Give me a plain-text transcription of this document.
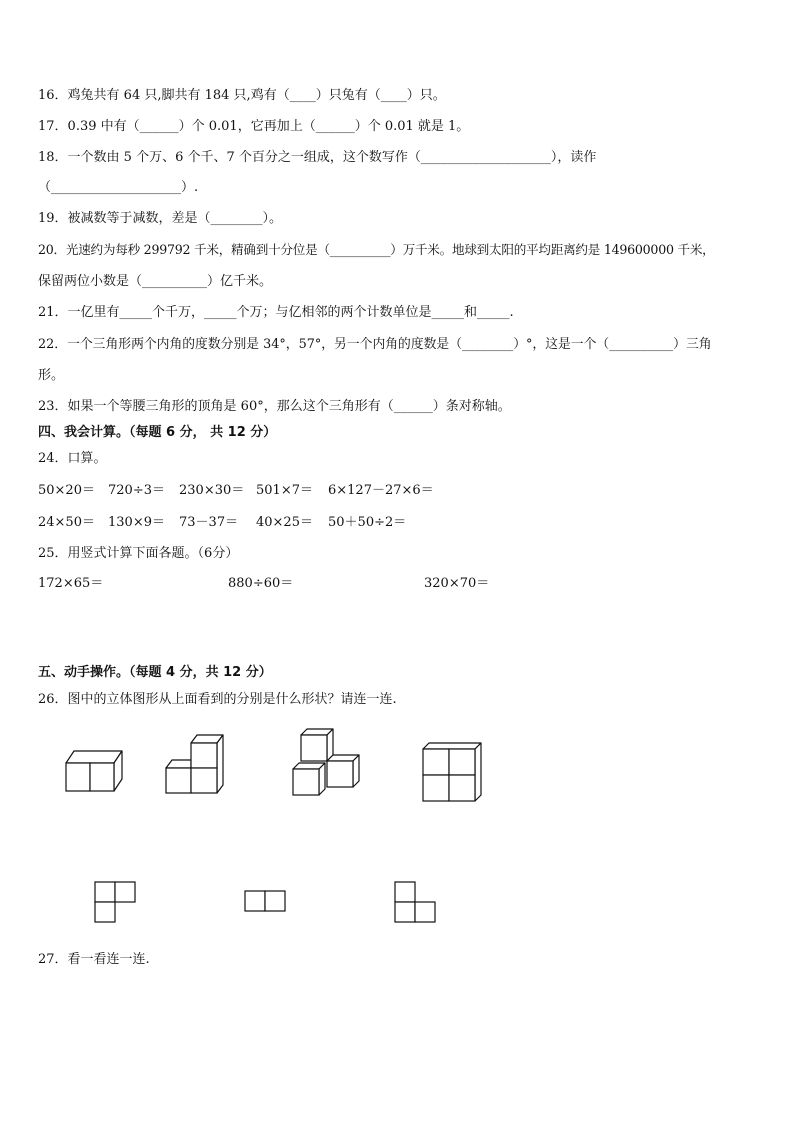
16．鸡兔共有 64 只,脚共有 184 只,鸡有（____）只兔有（____）只。
17．0.39 中有（______）个 0.01，它再加上（______）个 0.01 就是 1。
18．一个数由 5 个万、6 个千、7 个百分之一组成，这个数写作（____________________），读作
（____________________）.
19．被减数等于减数，差是（________）。
20．光速约为每秒 299792 千米，精确到十分位是（__________）万千米。地球到太阳的平均距离约是 149600000 千米，
保留两位小数是（__________）亿千米。
21．一亿里有_____个千万，_____个万；与亿相邻的两个计数单位是_____和_____.
22．一个三角形两个内角的度数分别是 34°，57°，另一个内角的度数是（________）°，这是一个（__________）三角
形。
23．如果一个等腰三角形的顶角是 60°，那么这个三角形有（______）条对称轴。
四、我会计算。（每题 6 分， 共 12 分）
24．口算。
50×20＝ 720÷3＝ 230×30＝ 501×7＝ 6×127－27×6＝
24×50＝ 130×9＝ 73－37＝ 40×25＝ 50＋50÷2＝
25．用竖式计算下面各题。（6分）
172×65＝	880÷60＝	320×70＝
五、动手操作。（每题 4 分，共 12 分）
26．图中的立体图形从上面看到的分别是什么形状？请连一连.
27．看一看连一连.
